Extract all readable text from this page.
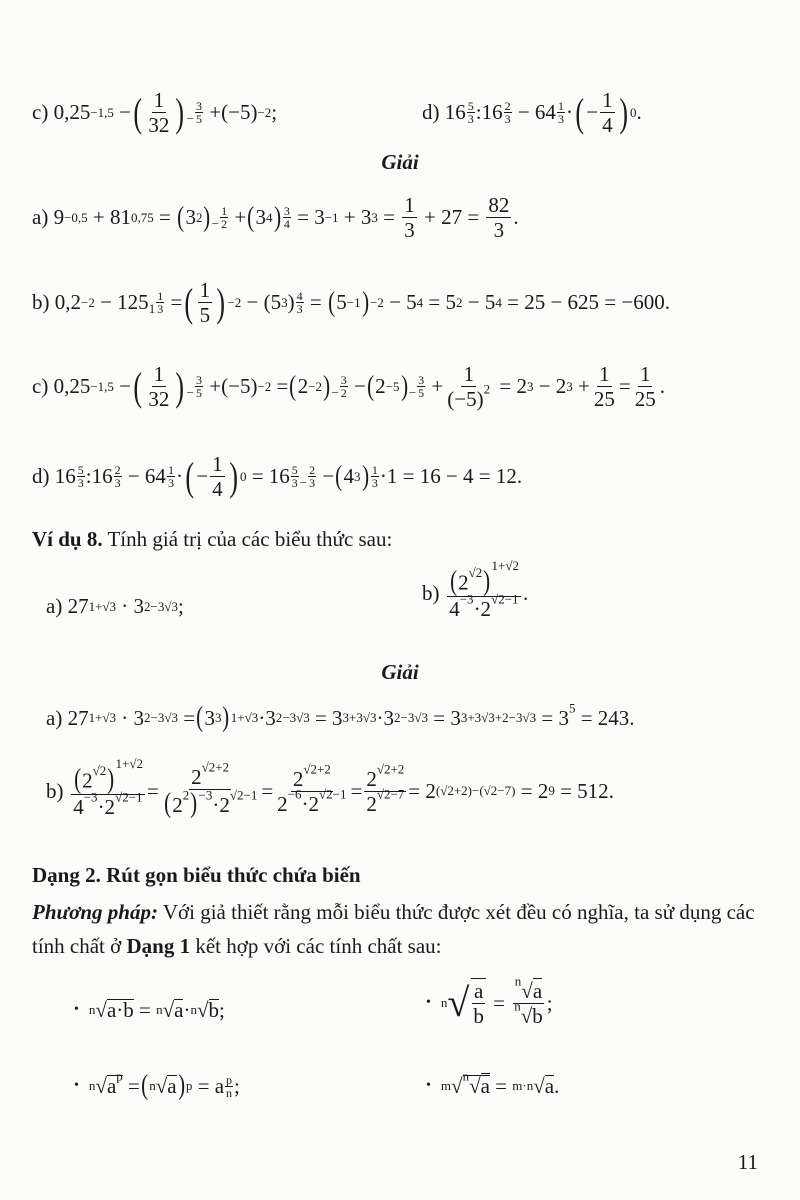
c) 0,25 −1,5 − ( $\frac{1}{32}$ ) − $\frac{3}{5} +(-5) -2$ ;	d) $16 \frac{5}{3}$ :16 $\frac{2}{3} - 64 \frac{1}{3}$ · ( − $\frac{1}{4}$ ) 0 .
Giải
a) 9 −0,5 + 81 0,75 = ( 3 2 ) − $\frac{1}{2}$ + ( 3 4 ) $\frac{3}{4} = 3 -1 + 3$ $3 = \frac{1}{3} + 27 = \frac{82}{3}$ .
b) 0,2 −2 − 125 $1 \frac{1}{3}$ = ( $\frac{1}{5}$ ) −2 − (5 3 ) $\frac{4}{3}$ = ( 5 −1 ) −2 − 5 4 = 5 2 − 5 4 = 25 − 625 = −600.
c) 0,25 −1,5 − ( $\frac{1}{32}$ ) − $\frac{3}{5} +(-5) -2$ = ( 2 −2 ) − $\frac{3}{2}$ − ( 2 −5 ) − $\frac{3}{5} + \frac{1}{(-5)^2} = 2$ 3 − 2 $3 + \frac{1}{25} = \frac{1}{25}$ .
d) $16 \frac{5}{3}$ :16 $\frac{2}{3} - 64 \frac{1}{3}$ · ( − $\frac{1}{4}$ ) $0 = 16 \frac{5}{3} - \frac{2}{3}$ − ( 4 3 ) $\frac{1}{3} \cdot 1 = 16 - 4 = 12$.
Ví dụ 8. Tính giá trị của các biểu thức sau:
a) 27 1+√3 · 3 2−3√3 ;
b)
$\frac{(2^{√2})^{1+√2}}{4^{-3}\cdot 2^{√2-1}}$ .
Giải
a) 27 1+√3 · 3 2−3√3 = ( 3 3 ) 1+√3 ·3 2−3√3 = 3 3+3√3 ·3 2−3√3 = 3 $3+3√3+2-3√3 = 3^5 = 243$.
b)
$\frac{(2^{√2})^{1+√2}}{4^{-3}\cdot 2^{√2-1}} = \frac{2^{√2+2}}{(2^2)^{-3}\cdot 2^{√2-1}} = \frac{2^{√2+2}}{2^{-6}\cdot 2^{√2-1}} = \frac{2^{√2+2}}{2^{√2-7}} = 2$ (√2+2)−(√2−7) = 2 9 = 512.
Dạng 2. Rút gọn biểu thức chứa biến
Phương pháp: Với giả thiết rằng mỗi biểu thức được xét đều có nghĩa, ta sử dụng các tính chất ở Dạng 1 kết hợp với các tính chất sau:
• n √ a·b = n √ a · n √ b ;	• n √ $\frac{a}{b} = \frac{^n√a}{^n√b}$ ;
• n √ $a^p$ = ( n √ a ) p = a $\frac{p}{n}$ ;	• m √ $^n$√a = m·n √ a .
11
